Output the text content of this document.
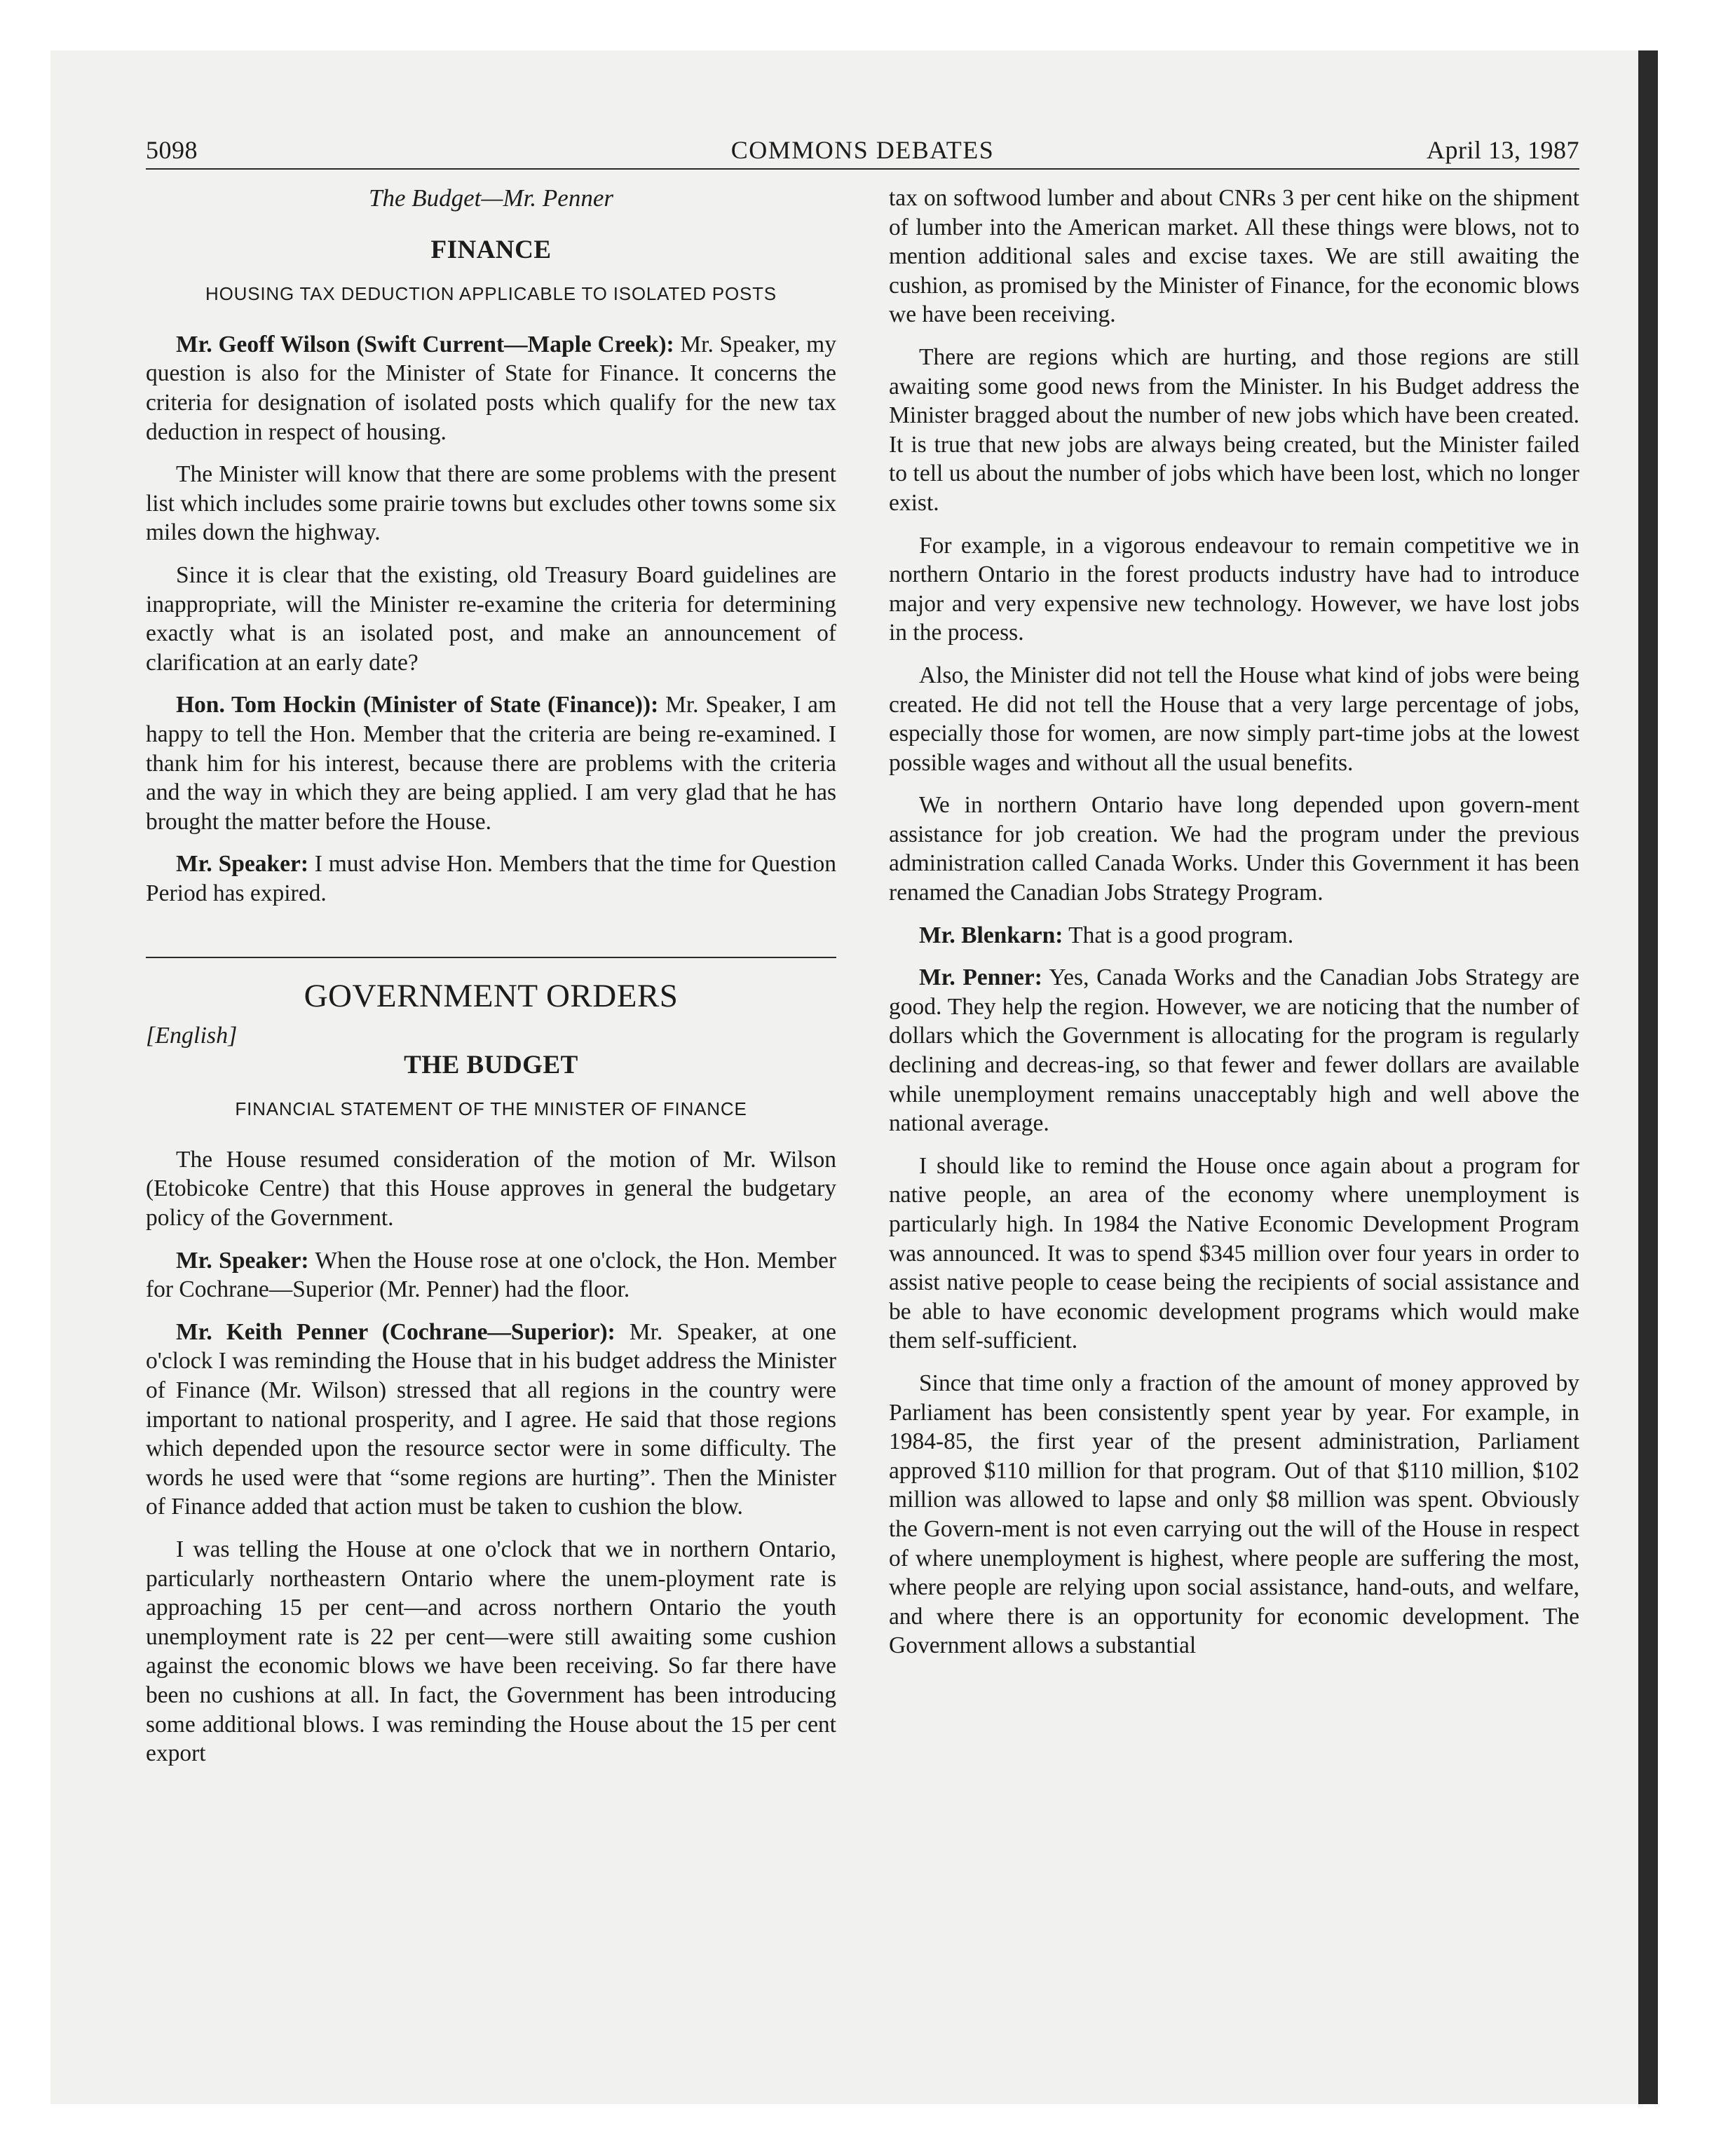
5098	COMMONS DEBATES	April 13, 1987
The Budget—Mr. Penner
FINANCE
HOUSING TAX DEDUCTION APPLICABLE TO ISOLATED POSTS

Mr. Geoff Wilson (Swift Current—Maple Creek): Mr. Speaker, my question is also for the Minister of State for Finance. It concerns the criteria for designation of isolated posts which qualify for the new tax deduction in respect of housing.

The Minister will know that there are some problems with the present list which includes some prairie towns but excludes other towns some six miles down the highway.

Since it is clear that the existing, old Treasury Board guidelines are inappropriate, will the Minister re-examine the criteria for determining exactly what is an isolated post, and make an announcement of clarification at an early date?

Hon. Tom Hockin (Minister of State (Finance)): Mr. Speaker, I am happy to tell the Hon. Member that the criteria are being re-examined. I thank him for his interest, because there are problems with the criteria and the way in which they are being applied. I am very glad that he has brought the matter before the House.

Mr. Speaker: I must advise Hon. Members that the time for Question Period has expired.

GOVERNMENT ORDERS
[English]
THE BUDGET
FINANCIAL STATEMENT OF THE MINISTER OF FINANCE

The House resumed consideration of the motion of Mr. Wilson (Etobicoke Centre) that this House approves in general the budgetary policy of the Government.

Mr. Speaker: When the House rose at one o'clock, the Hon. Member for Cochrane—Superior (Mr. Penner) had the floor.

Mr. Keith Penner (Cochrane—Superior): Mr. Speaker, at one o'clock I was reminding the House that in his budget address the Minister of Finance (Mr. Wilson) stressed that all regions in the country were important to national prosperity, and I agree. He said that those regions which depended upon the resource sector were in some difficulty. The words he used were that “some regions are hurting”. Then the Minister of Finance added that action must be taken to cushion the blow.

I was telling the House at one o'clock that we in northern Ontario, particularly northeastern Ontario where the unem-ployment rate is approaching 15 per cent—and across northern Ontario the youth unemployment rate is 22 per cent—were still awaiting some cushion against the economic blows we have been receiving. So far there have been no cushions at all. In fact, the Government has been introducing some additional blows. I was reminding the House about the 15 per cent export

tax on softwood lumber and about CNRs 3 per cent hike on the shipment of lumber into the American market. All these things were blows, not to mention additional sales and excise taxes. We are still awaiting the cushion, as promised by the Minister of Finance, for the economic blows we have been receiving.

There are regions which are hurting, and those regions are still awaiting some good news from the Minister. In his Budget address the Minister bragged about the number of new jobs which have been created. It is true that new jobs are always being created, but the Minister failed to tell us about the number of jobs which have been lost, which no longer exist.

For example, in a vigorous endeavour to remain competitive we in northern Ontario in the forest products industry have had to introduce major and very expensive new technology. However, we have lost jobs in the process.

Also, the Minister did not tell the House what kind of jobs were being created. He did not tell the House that a very large percentage of jobs, especially those for women, are now simply part-time jobs at the lowest possible wages and without all the usual benefits.

We in northern Ontario have long depended upon govern-ment assistance for job creation. We had the program under the previous administration called Canada Works. Under this Government it has been renamed the Canadian Jobs Strategy Program.

Mr. Blenkarn: That is a good program.

Mr. Penner: Yes, Canada Works and the Canadian Jobs Strategy are good. They help the region. However, we are noticing that the number of dollars which the Government is allocating for the program is regularly declining and decreas-ing, so that fewer and fewer dollars are available while unemployment remains unacceptably high and well above the national average.

I should like to remind the House once again about a program for native people, an area of the economy where unemployment is particularly high. In 1984 the Native Economic Development Program was announced. It was to spend $345 million over four years in order to assist native people to cease being the recipients of social assistance and be able to have economic development programs which would make them self-sufficient.

Since that time only a fraction of the amount of money approved by Parliament has been consistently spent year by year. For example, in 1984-85, the first year of the present administration, Parliament approved $110 million for that program. Out of that $110 million, $102 million was allowed to lapse and only $8 million was spent. Obviously the Govern-ment is not even carrying out the will of the House in respect of where unemployment is highest, where people are suffering the most, where people are relying upon social assistance, hand-outs, and welfare, and where there is an opportunity for economic development. The Government allows a substantial
